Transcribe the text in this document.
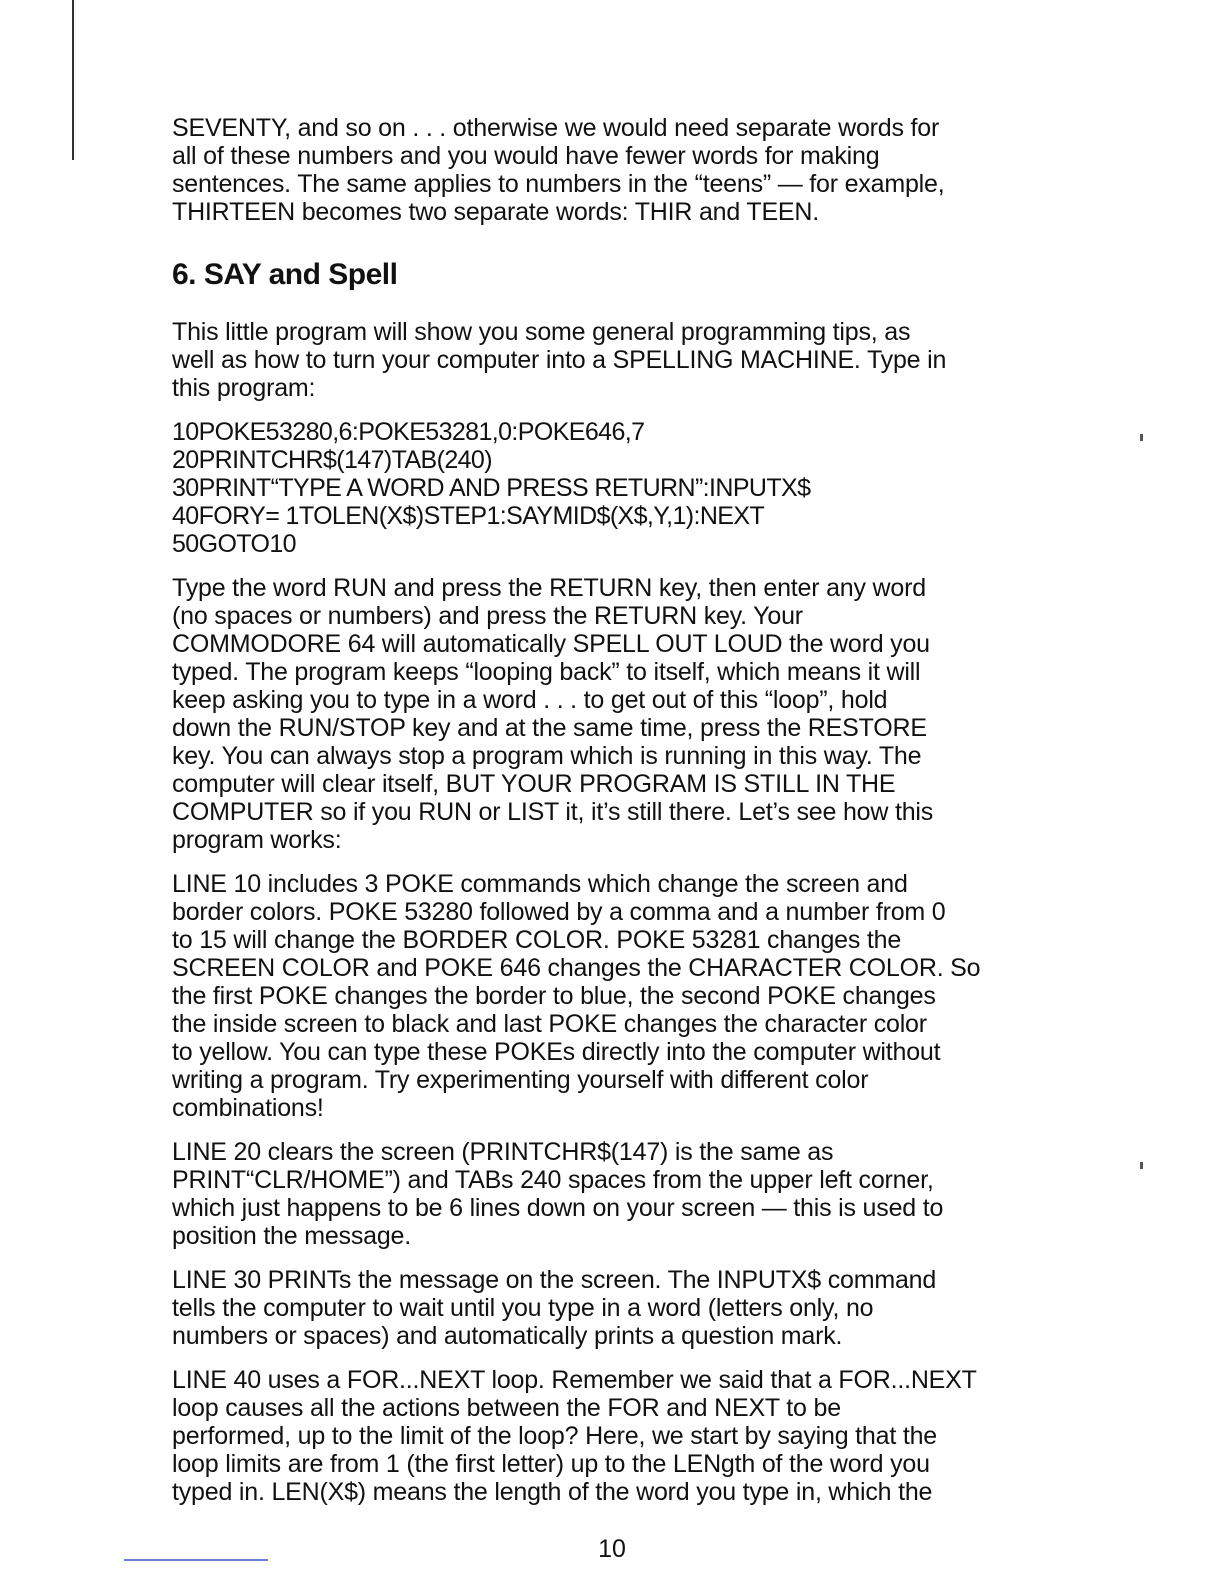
SEVENTY, and so on . . . otherwise we would need separate words for
all of these numbers and you would have fewer words for making
sentences. The same applies to numbers in the “teens” — for example,
THIRTEEN becomes two separate words: THIR and TEEN.

6. SAY and Spell

This little program will show you some general programming tips, as
well as how to turn your computer into a SPELLING MACHINE. Type in
this program:

10POKE53280,6:POKE53281,0:POKE646,7
20PRINTCHR$(147)TAB(240)
30PRINT“TYPE A WORD AND PRESS RETURN”:INPUTX$
40FORY= 1TOLEN(X$)STEP1:SAYMID$(X$,Y,1):NEXT
50GOTO10

Type the word RUN and press the RETURN key, then enter any word
(no spaces or numbers) and press the RETURN key. Your
COMMODORE 64 will automatically SPELL OUT LOUD the word you
typed. The program keeps “looping back” to itself, which means it will
keep asking you to type in a word . . . to get out of this “loop”, hold
down the RUN/STOP key and at the same time, press the RESTORE
key. You can always stop a program which is running in this way. The
computer will clear itself, BUT YOUR PROGRAM IS STILL IN THE
COMPUTER so if you RUN or LIST it, it’s still there. Let’s see how this
program works:

LINE 10 includes 3 POKE commands which change the screen and
border colors. POKE 53280 followed by a comma and a number from 0
to 15 will change the BORDER COLOR. POKE 53281 changes the
SCREEN COLOR and POKE 646 changes the CHARACTER COLOR. So
the first POKE changes the border to blue, the second POKE changes
the inside screen to black and last POKE changes the character color
to yellow. You can type these POKEs directly into the computer without
writing a program. Try experimenting yourself with different color
combinations!

LINE 20 clears the screen (PRINTCHR$(147) is the same as
PRINT“CLR/HOME”) and TABs 240 spaces from the upper left corner,
which just happens to be 6 lines down on your screen — this is used to
position the message.

LINE 30 PRINTs the message on the screen. The INPUTX$ command
tells the computer to wait until you type in a word (letters only, no
numbers or spaces) and automatically prints a question mark.

LINE 40 uses a FOR...NEXT loop. Remember we said that a FOR...NEXT
loop causes all the actions between the FOR and NEXT to be
performed, up to the limit of the loop? Here, we start by saying that the
loop limits are from 1 (the first letter) up to the LENgth of the word you
typed in. LEN(X$) means the length of the word you type in, which the

10
